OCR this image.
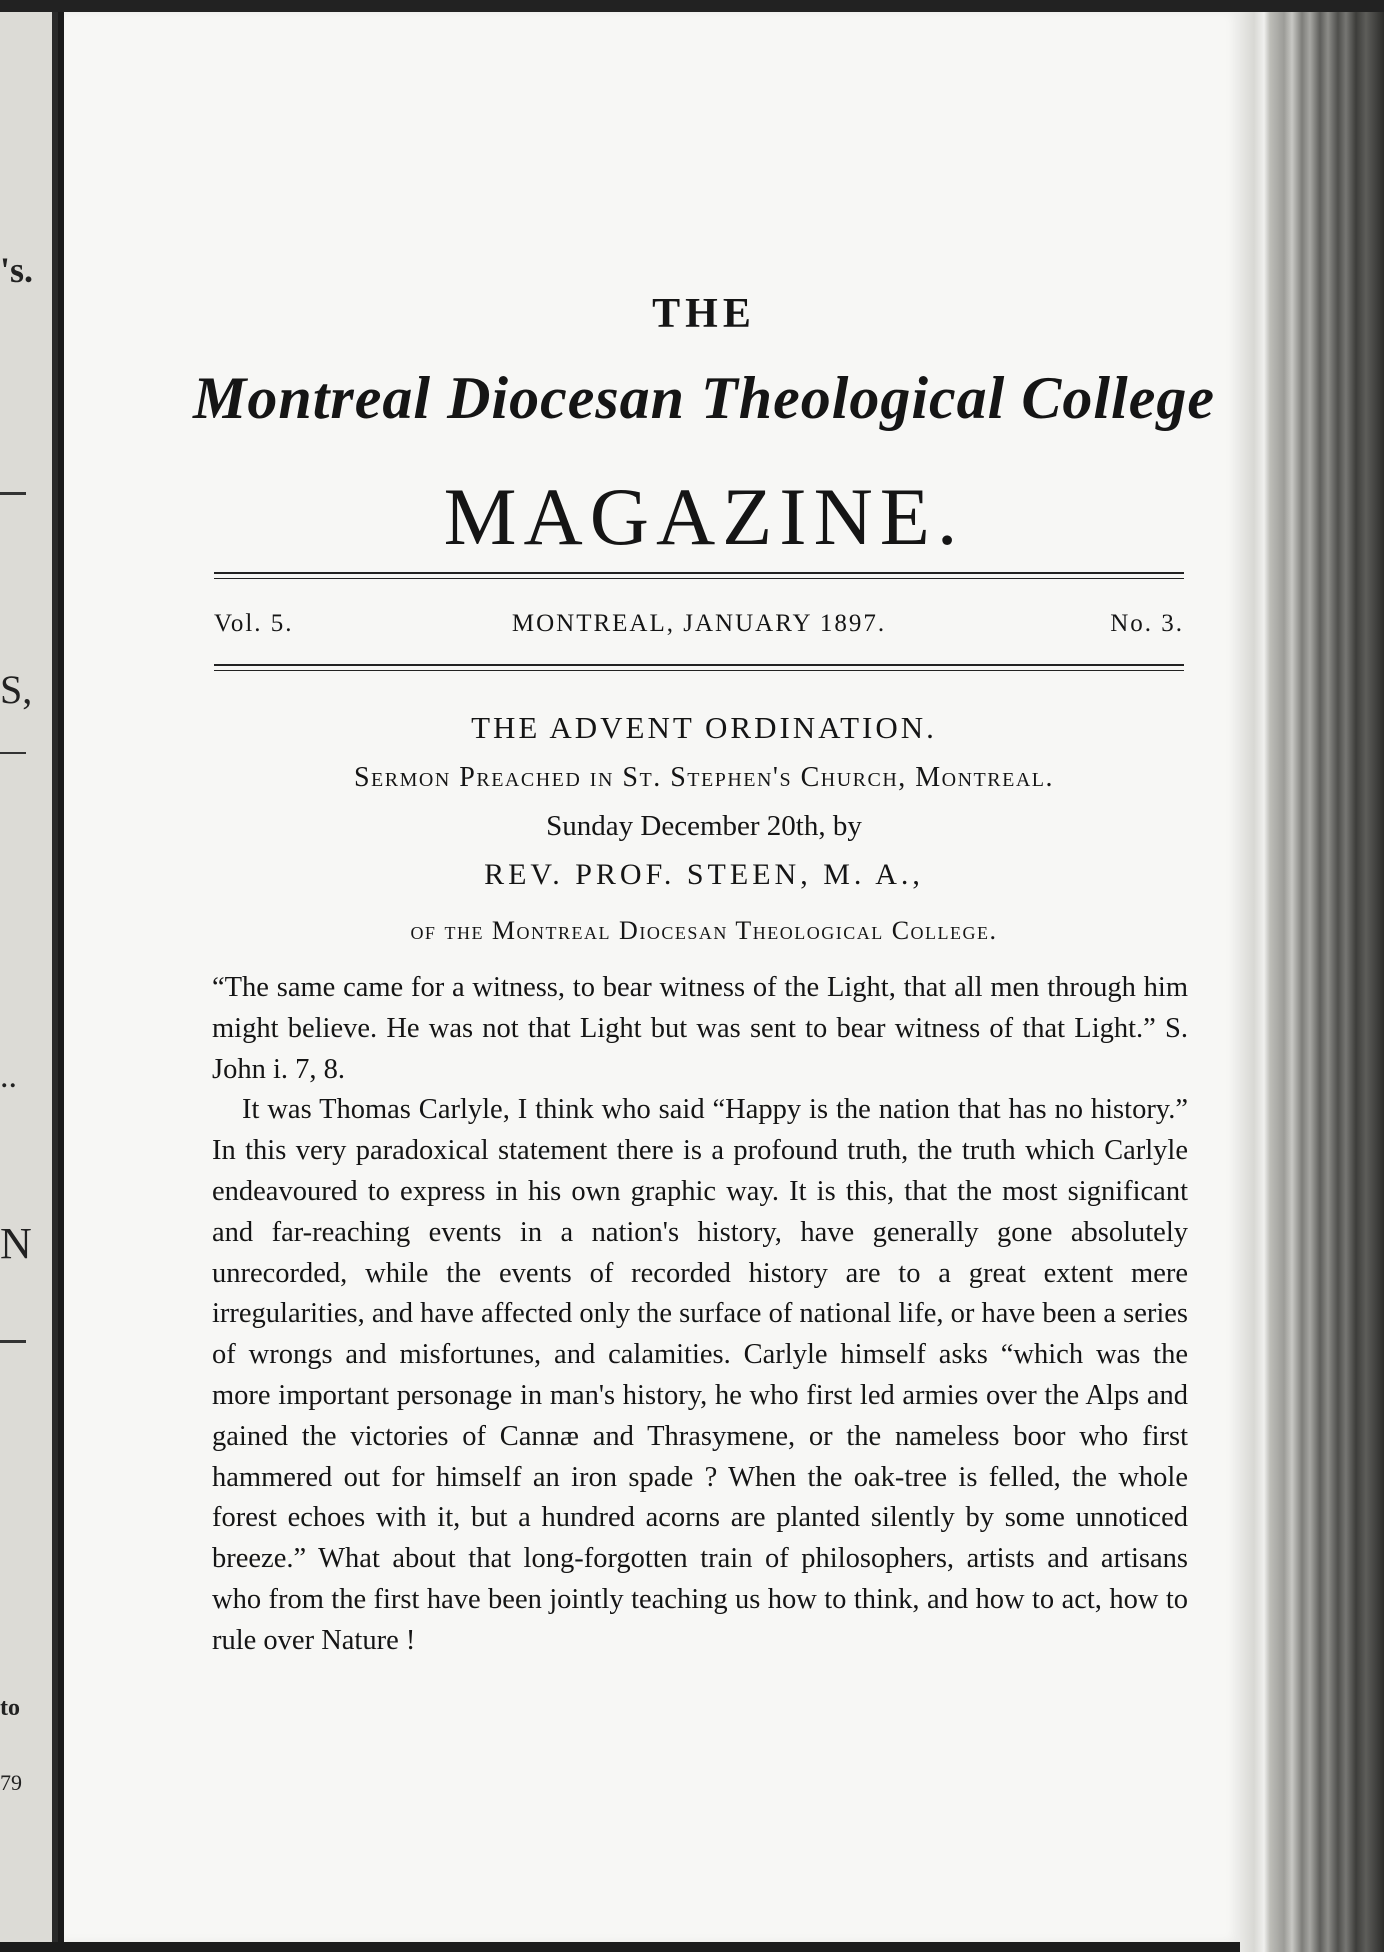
's.
S,
..
N
to
79
THE
Montreal Diocesan Theological College
MAGAZINE.
Vol. 5.	MONTREAL, JANUARY 1897.	No. 3.
THE ADVENT ORDINATION.
Sermon Preached in St. Stephen's Church, Montreal.
Sunday December 20th, by
REV. PROF. STEEN, M. A.,
of the Montreal Diocesan Theological College.

“The same came for a witness, to bear witness of the Light, that all men through him might believe. He was not that Light but was sent to bear witness of that Light.” S. John i. 7, 8.

It was Thomas Carlyle, I think who said “Happy is the nation that has no history.” In this very paradoxical statement there is a profound truth, the truth which Carlyle endeavoured to express in his own graphic way. It is this, that the most significant and far-reaching events in a nation's history, have generally gone absolutely unrecorded, while the events of recorded history are to a great extent mere irregularities, and have affected only the surface of national life, or have been a series of wrongs and misfortunes, and calamities. Carlyle himself asks “which was the more important personage in man's history, he who first led armies over the Alps and gained the victories of Cannæ and Thrasymene, or the nameless boor who first hammered out for himself an iron spade ? When the oak-tree is felled, the whole forest echoes with it, but a hundred acorns are planted silently by some unnoticed breeze.” What about that long-forgotten train of philosophers, artists and artisans who from the first have been jointly teaching us how to think, and how to act, how to rule over Nature !
